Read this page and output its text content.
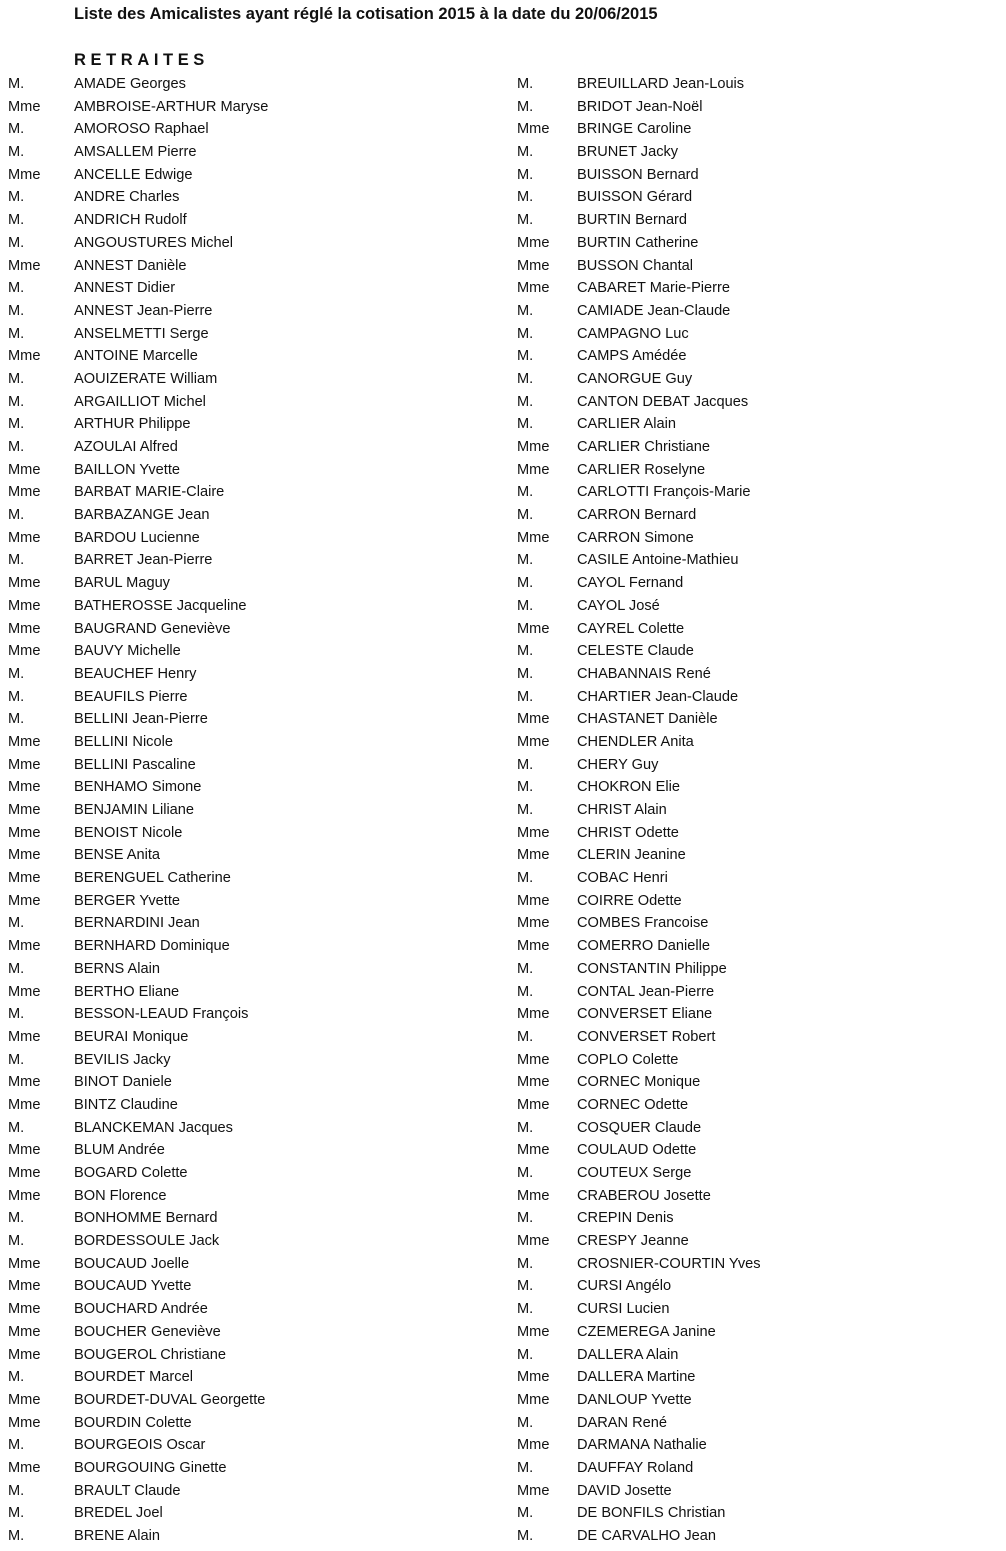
Liste des Amicalistes ayant réglé la cotisation 2015 à la date du 20/06/2015
RETRAITES
M.	AMADE Georges
Mme AMBROISE-ARTHUR Maryse
M.	AMOROSO Raphael
M.	AMSALLEM Pierre
Mme ANCELLE Edwige
M.	ANDRE Charles
M.	ANDRICH Rudolf
M.	ANGOUSTURES Michel
Mme ANNEST Danièle
M.	ANNEST Didier
M.	ANNEST Jean-Pierre
M.	ANSELMETTI Serge
Mme ANTOINE Marcelle
M.	AOUIZERATE William
M.	ARGAILLIOT Michel
M.	ARTHUR Philippe
M.	AZOULAI Alfred
Mme BAILLON Yvette
Mme BARBAT MARIE-Claire
M.	BARBAZANGE Jean
Mme BARDOU Lucienne
M.	BARRET Jean-Pierre
Mme BARUL Maguy
Mme BATHEROSSE Jacqueline
Mme BAUGRAND Geneviève
Mme BAUVY Michelle
M.	BEAUCHEF Henry
M.	BEAUFILS Pierre
M.	BELLINI Jean-Pierre
Mme BELLINI Nicole
Mme BELLINI Pascaline
Mme BENHAMO Simone
Mme BENJAMIN Liliane
Mme BENOIST Nicole
Mme BENSE Anita
Mme BERENGUEL Catherine
Mme BERGER Yvette
M.	BERNARDINI Jean
Mme BERNHARD Dominique
M.	BERNS Alain
Mme BERTHO Eliane
M.	BESSON-LEAUD François
Mme BEURAI Monique
M.	BEVILIS Jacky
Mme BINOT Daniele
Mme BINTZ Claudine
M.	BLANCKEMAN Jacques
Mme BLUM Andrée
Mme BOGARD Colette
Mme BON Florence
M.	BONHOMME Bernard
M.	BORDESSOULE Jack
Mme BOUCAUD Joelle
Mme BOUCAUD Yvette
Mme BOUCHARD Andrée
Mme BOUCHER Geneviève
Mme BOUGEROL Christiane
M.	BOURDET Marcel
Mme BOURDET-DUVAL Georgette
Mme BOURDIN Colette
M.	BOURGEOIS Oscar
Mme BOURGOUING Ginette
M.	BRAULT Claude
M.	BREDEL Joel
M.	BRENE Alain
M.	BREUILLARD Jean-Louis
M.	BRIDOT Jean-Noël
Mme BRINGE Caroline
M.	BRUNET Jacky
M.	BUISSON Bernard
M.	BUISSON Gérard
M.	BURTIN Bernard
Mme BURTIN Catherine
Mme BUSSON Chantal
Mme CABARET Marie-Pierre
M.	CAMIADE Jean-Claude
M.	CAMPAGNO Luc
M.	CAMPS Amédée
M.	CANORGUE Guy
M.	CANTON DEBAT Jacques
M.	CARLIER Alain
Mme CARLIER Christiane
Mme CARLIER Roselyne
M.	CARLOTTI François-Marie
M.	CARRON Bernard
Mme CARRON Simone
M.	CASILE Antoine-Mathieu
M.	CAYOL Fernand
M.	CAYOL José
Mme CAYREL Colette
M.	CELESTE Claude
M.	CHABANNAIS René
M.	CHARTIER Jean-Claude
Mme CHASTANET Danièle
Mme CHENDLER Anita
M.	CHERY Guy
M.	CHOKRON Elie
M.	CHRIST Alain
Mme CHRIST Odette
Mme CLERIN Jeanine
M.	COBAC Henri
Mme COIRRE Odette
Mme COMBES Francoise
Mme COMERRO Danielle
M.	CONSTANTIN Philippe
M.	CONTAL Jean-Pierre
Mme CONVERSET Eliane
M.	CONVERSET Robert
Mme COPLO Colette
Mme CORNEC Monique
Mme CORNEC Odette
M.	COSQUER Claude
Mme COULAUD Odette
M.	COUTEUX Serge
Mme CRABEROU Josette
M.	CREPIN Denis
Mme CRESPY Jeanne
M.	CROSNIER-COURTIN Yves
M.	CURSI Angélo
M.	CURSI Lucien
Mme CZEMEREGA Janine
M.	DALLERA Alain
Mme DALLERA Martine
Mme DANLOUP Yvette
M.	DARAN René
Mme DARMANA Nathalie
M.	DAUFFAY Roland
Mme DAVID Josette
M.	DE BONFILS Christian
M.	DE CARVALHO Jean
